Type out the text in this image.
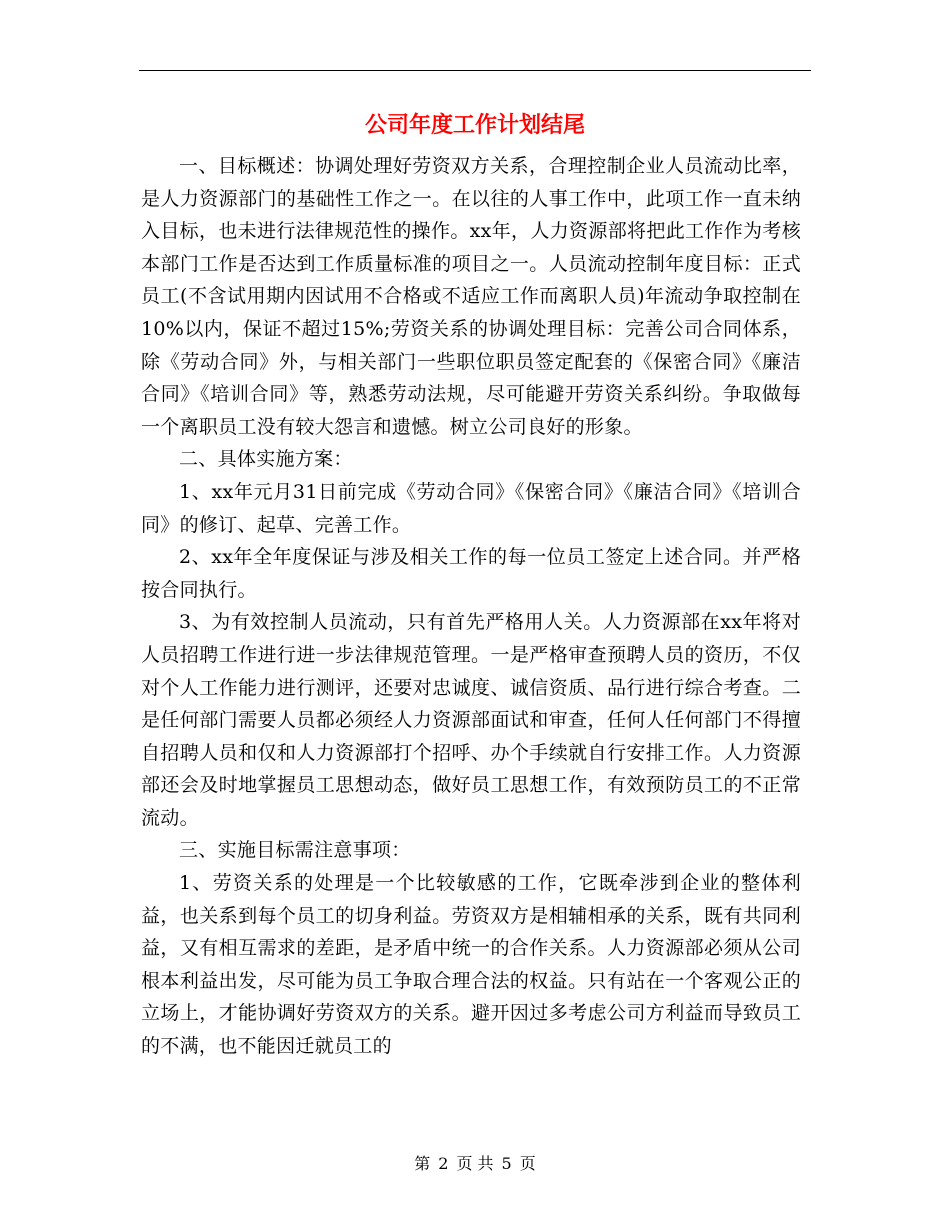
公司年度工作计划结尾

一、目标概述：协调处理好劳资双方关系，合理控制企业人员流动比率，是人力资源部门的基础性工作之一。在以往的人事工作中，此项工作一直未纳入目标，也未进行法律规范性的操作。xx年，人力资源部将把此工作作为考核本部门工作是否达到工作质量标准的项目之一。人员流动控制年度目标：正式员工(不含试用期内因试用不合格或不适应工作而离职人员)年流动争取控制在10%以内，保证不超过15%;劳资关系的协调处理目标：完善公司合同体系，除《劳动合同》外，与相关部门一些职位职员签定配套的《保密合同》《廉洁合同》《培训合同》等，熟悉劳动法规，尽可能避开劳资关系纠纷。争取做每一个离职员工没有较大怨言和遗憾。树立公司良好的形象。

二、具体实施方案：

1、xx年元月31日前完成《劳动合同》《保密合同》《廉洁合同》《培训合同》的修订、起草、完善工作。

2、xx年全年度保证与涉及相关工作的每一位员工签定上述合同。并严格按合同执行。

3、为有效控制人员流动，只有首先严格用人关。人力资源部在xx年将对人员招聘工作进行进一步法律规范管理。一是严格审查预聘人员的资历，不仅对个人工作能力进行测评，还要对忠诚度、诚信资质、品行进行综合考查。二是任何部门需要人员都必须经人力资源部面试和审查，任何人任何部门不得擅自招聘人员和仅和人力资源部打个招呼、办个手续就自行安排工作。人力资源部还会及时地掌握员工思想动态，做好员工思想工作，有效预防员工的不正常流动。

三、实施目标需注意事项：

1、劳资关系的处理是一个比较敏感的工作，它既牵涉到企业的整体利益，也关系到每个员工的切身利益。劳资双方是相辅相承的关系，既有共同利益，又有相互需求的差距，是矛盾中统一的合作关系。人力资源部必须从公司根本利益出发，尽可能为员工争取合理合法的权益。只有站在一个客观公正的立场上，才能协调好劳资双方的关系。避开因过多考虑公司方利益而导致员工的不满，也不能因迁就员工的

第 2 页 共 5 页
